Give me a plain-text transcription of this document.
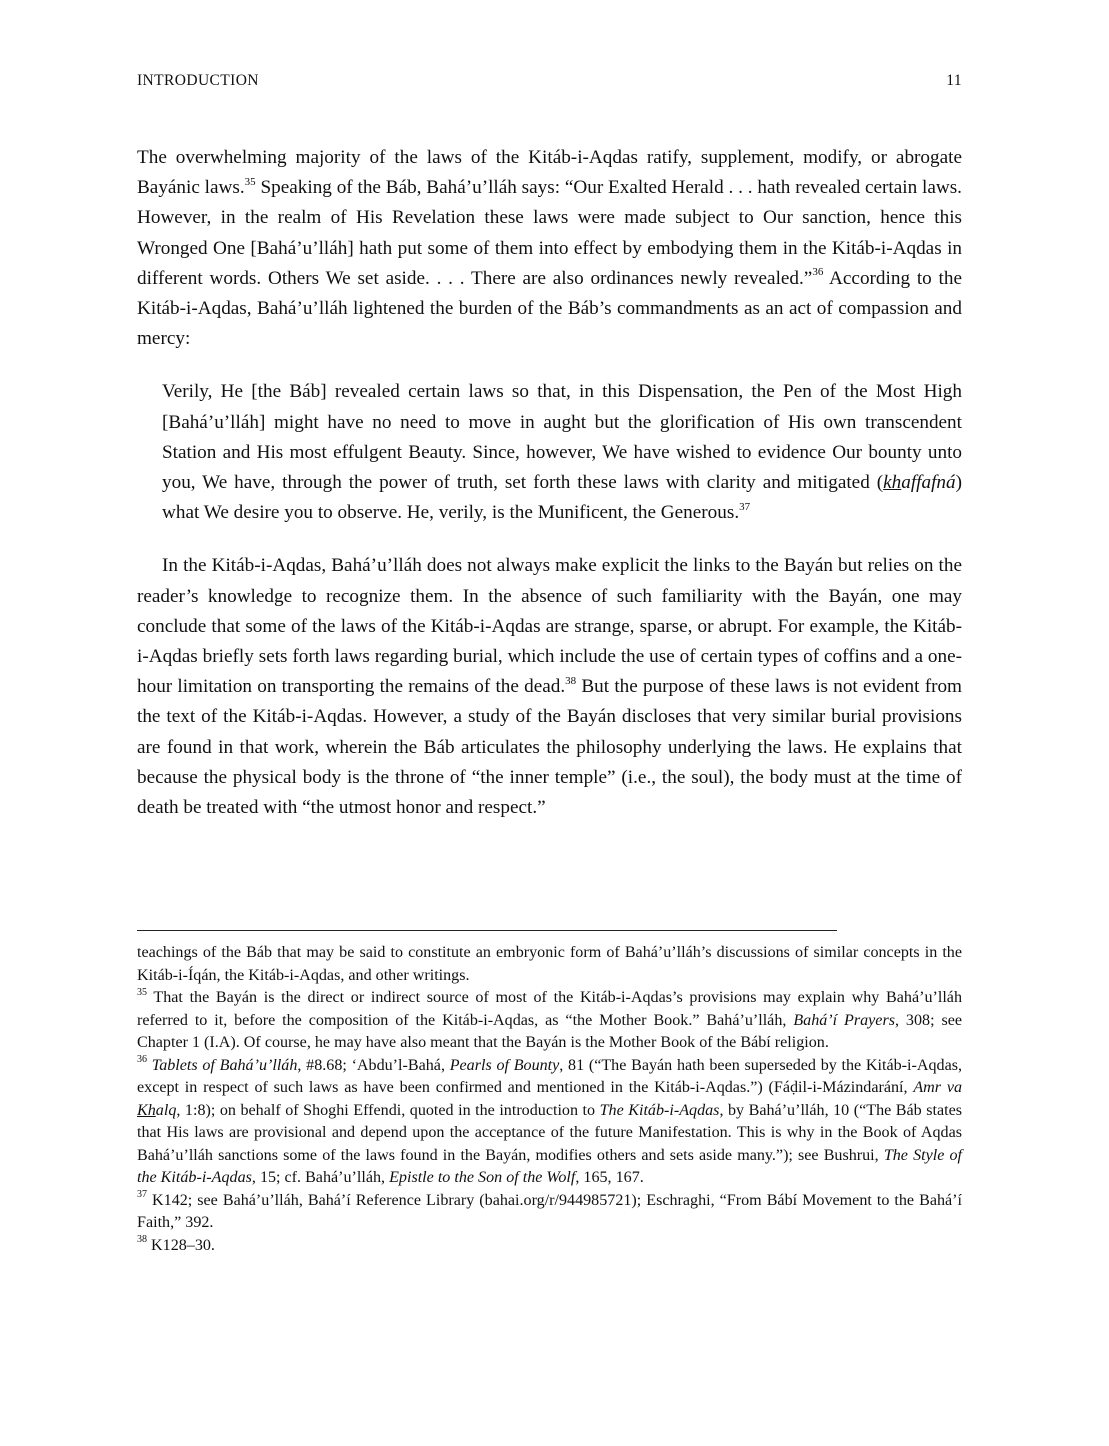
INTRODUCTION	11

The overwhelming majority of the laws of the Kitáb-i-Aqdas ratify, supplement, modify, or abrogate Bayánic laws.$^{35}$ Speaking of the Báb, Bahá’u’lláh says: “Our Exalted Herald . . . hath revealed certain laws. However, in the realm of His Revelation these laws were made subject to Our sanction, hence this Wronged One [Bahá’u’lláh] hath put some of them into effect by embodying them in the Kitáb-i-Aqdas in different words. Others We set aside. . . . There are also ordinances newly revealed.”$^{36}$ According to the Kitáb-i-Aqdas, Bahá’u’lláh lightened the burden of the Báb’s commandments as an act of compassion and mercy:

Verily, He [the Báb] revealed certain laws so that, in this Dispensation, the Pen of the Most High [Bahá’u’lláh] might have no need to move in aught but the glorification of His own transcendent Station and His most effulgent Beauty. Since, however, We have wished to evidence Our bounty unto you, We have, through the power of truth, set forth these laws with clarity and mitigated (khaffafná) what We desire you to observe. He, verily, is the Munificent, the Generous.$^{37}$

In the Kitáb-i-Aqdas, Bahá’u’lláh does not always make explicit the links to the Bayán but relies on the reader’s knowledge to recognize them. In the absence of such familiarity with the Bayán, one may conclude that some of the laws of the Kitáb-i-Aqdas are strange, sparse, or abrupt. For example, the Kitáb-i-Aqdas briefly sets forth laws regarding burial, which include the use of certain types of coffins and a one-hour limitation on transporting the remains of the dead.$^{38}$ But the purpose of these laws is not evident from the text of the Kitáb-i-Aqdas. However, a study of the Bayán discloses that very similar burial provisions are found in that work, wherein the Báb articulates the philosophy underlying the laws. He explains that because the physical body is the throne of “the inner temple” (i.e., the soul), the body must at the time of death be treated with “the utmost honor and respect.”

teachings of the Báb that may be said to constitute an embryonic form of Bahá’u’lláh’s discussions of similar concepts in the Kitáb-i-Íqán, the Kitáb-i-Aqdas, and other writings.

$^{35}$ That the Bayán is the direct or indirect source of most of the Kitáb-i-Aqdas’s provisions may explain why Bahá’u’lláh referred to it, before the composition of the Kitáb-i-Aqdas, as “the Mother Book.” Bahá’u’lláh, Bahá’í Prayers, 308; see Chapter 1 (I.A). Of course, he may have also meant that the Bayán is the Mother Book of the Bábí religion.

$^{36}$ Tablets of Bahá’u’lláh, #8.68; ‘Abdu’l-Bahá, Pearls of Bounty, 81 (“The Bayán hath been superseded by the Kitáb-i-Aqdas, except in respect of such laws as have been confirmed and mentioned in the Kitáb-i-Aqdas.”) (Fáḍil-i-Mázindarání, Amr va Khalq, 1:8); on behalf of Shoghi Effendi, quoted in the introduction to The Kitáb-i-Aqdas, by Bahá’u’lláh, 10 (“The Báb states that His laws are provisional and depend upon the acceptance of the future Manifestation. This is why in the Book of Aqdas Bahá’u’lláh sanctions some of the laws found in the Bayán, modifies others and sets aside many.”); see Bushrui, The Style of the Kitáb-i-Aqdas, 15; cf. Bahá’u’lláh, Epistle to the Son of the Wolf, 165, 167.

$^{37}$ K142; see Bahá’u’lláh, Bahá’í Reference Library (bahai.org/r/944985721); Eschraghi, “From Bábí Movement to the Bahá’í Faith,” 392.

$^{38}$ K128–30.
